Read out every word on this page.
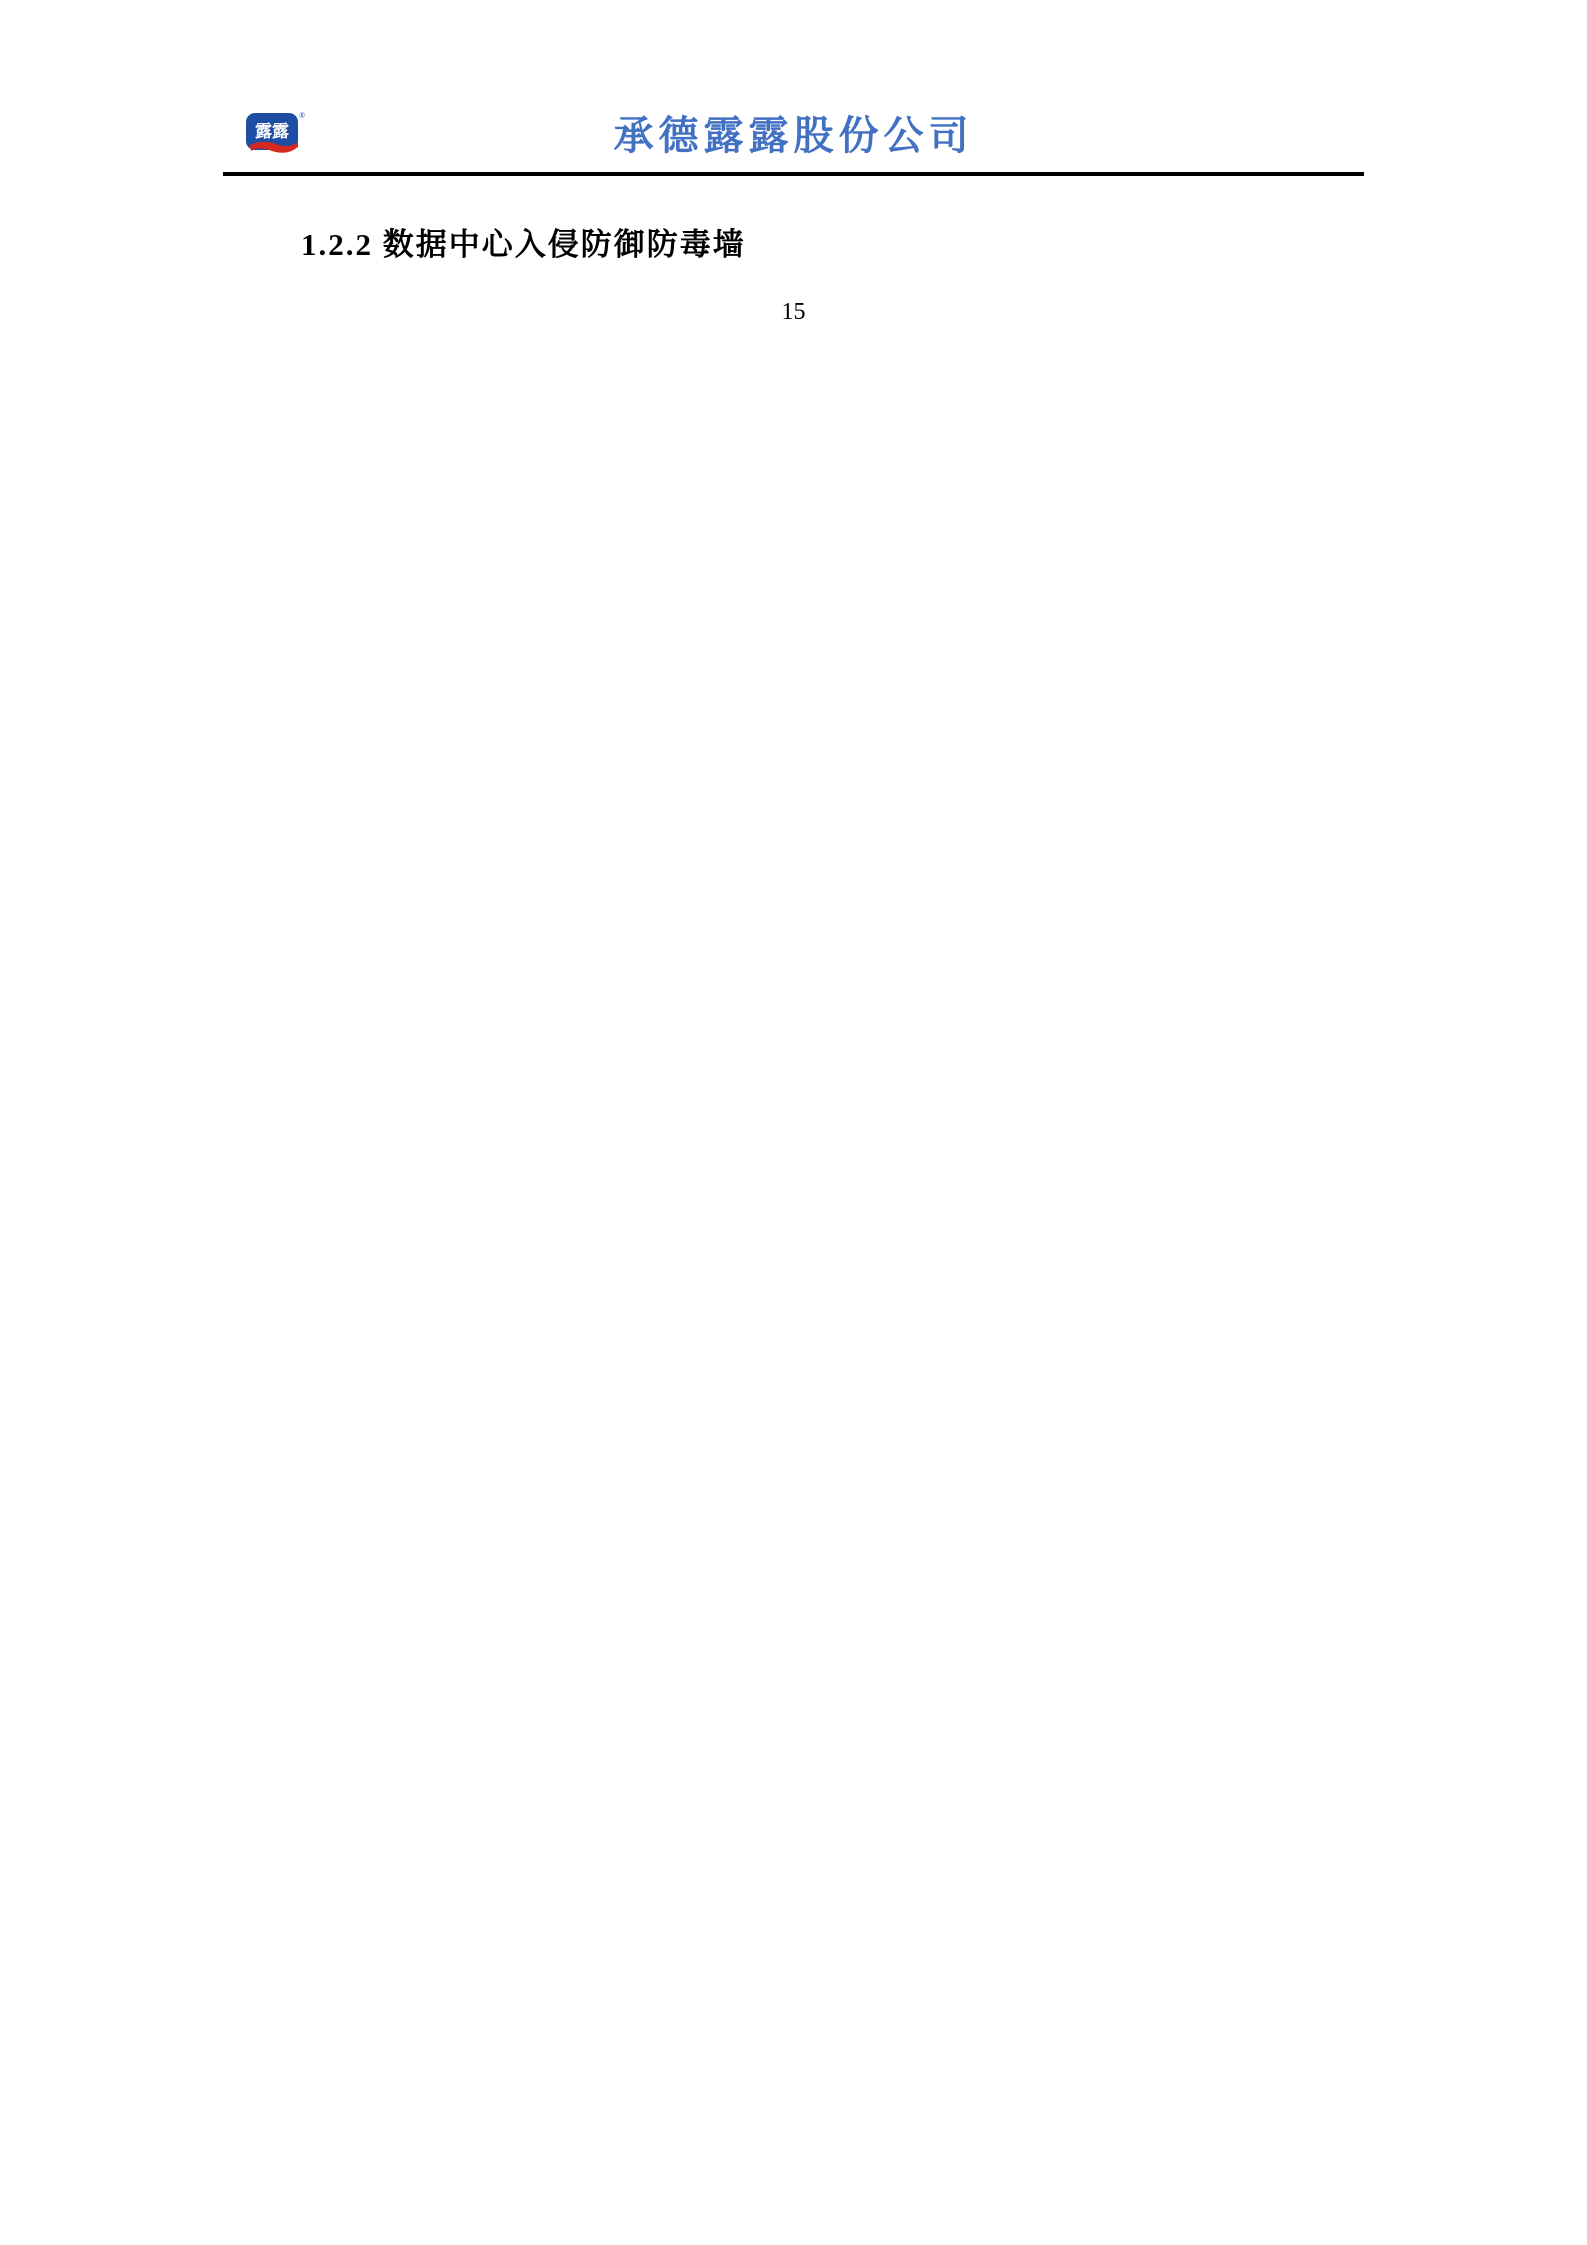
露露
®	承德露露股份公司
1.2.2 数据中心入侵防御防毒墙
15
